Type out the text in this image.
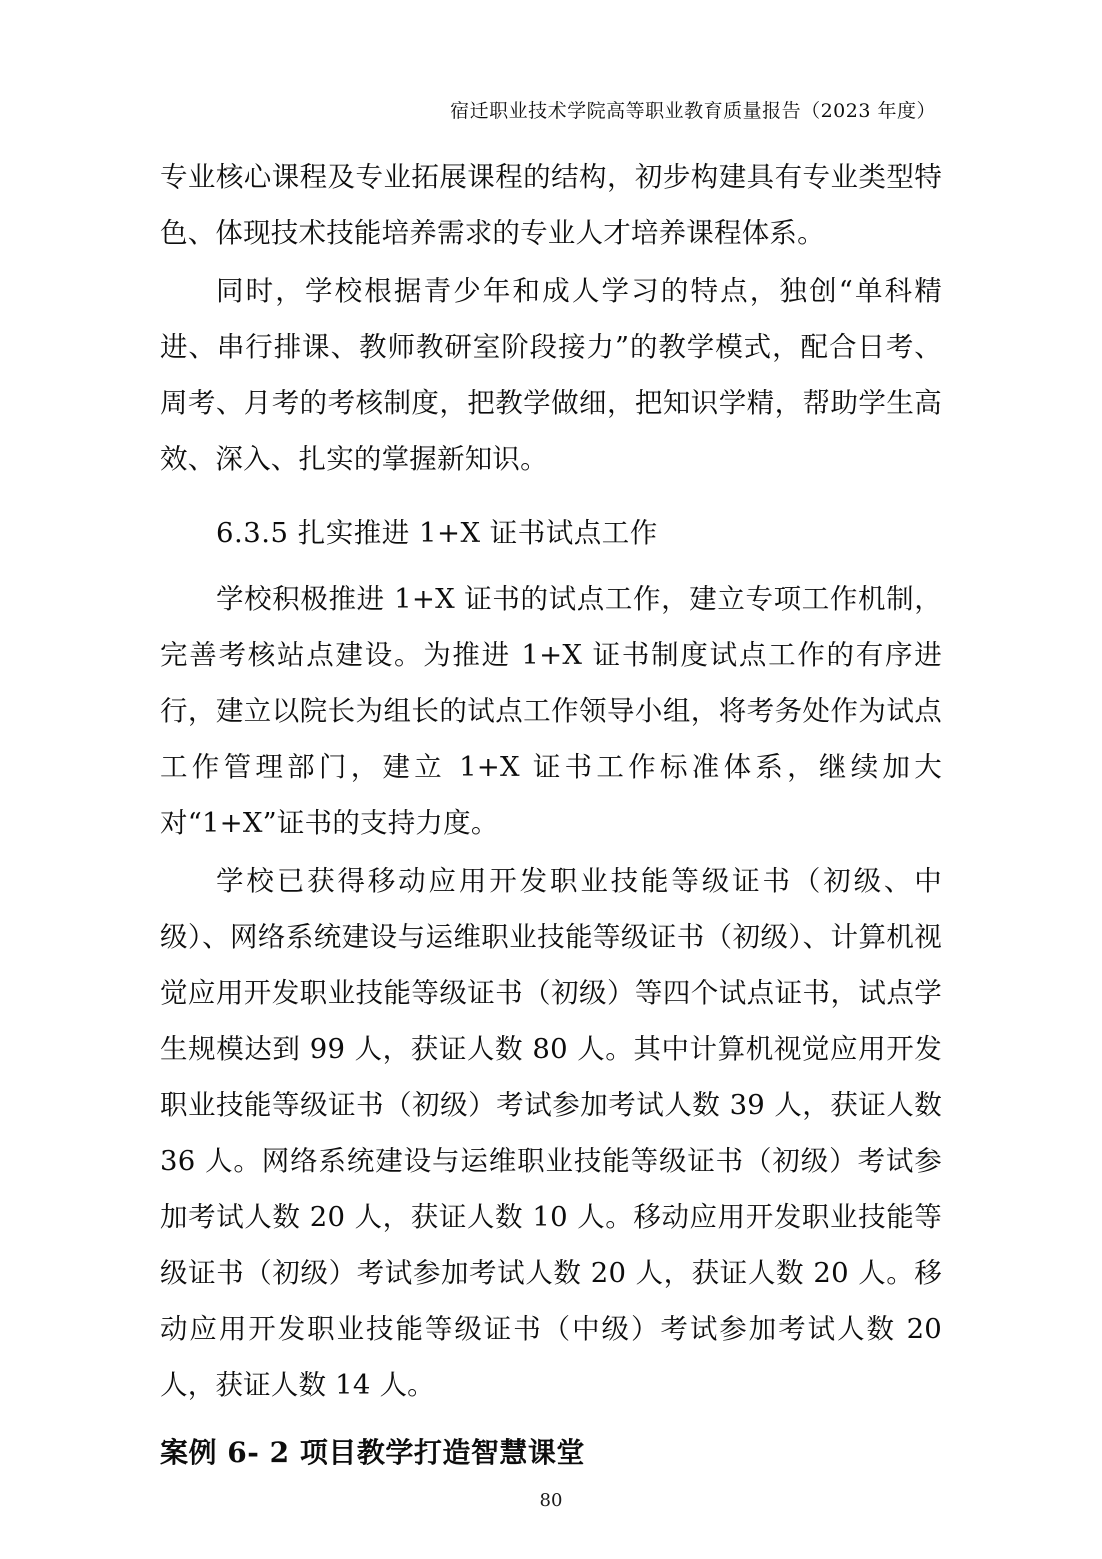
宿迁职业技术学院高等职业教育质量报告（2023 年度）

专业核心课程及专业拓展课程的结构，初步构建具有专业类型特色、体现技术技能培养需求的专业人才培养课程体系。

同时，学校根据青少年和成人学习的特点，独创“单科精进、串行排课、教师教研室阶段接力”的教学模式，配合日考、周考、月考的考核制度，把教学做细，把知识学精，帮助学生高效、深入、扎实的掌握新知识。

6.3.5 扎实推进 1+X 证书试点工作

学校积极推进 1+X 证书的试点工作，建立专项工作机制，完善考核站点建设。为推进 1+X 证书制度试点工作的有序进行，建立以院长为组长的试点工作领导小组，将考务处作为试点工作管理部门，建立 1+X 证书工作标准体系，继续加大对“1+X”证书的支持力度。

学校已获得移动应用开发职业技能等级证书（初级、中级）、网络系统建设与运维职业技能等级证书（初级）、计算机视觉应用开发职业技能等级证书（初级）等四个试点证书，试点学生规模达到 99 人，获证人数 80 人。其中计算机视觉应用开发职业技能等级证书（初级）考试参加考试人数 39 人，获证人数 36 人。网络系统建设与运维职业技能等级证书（初级）考试参加考试人数 20 人，获证人数 10 人。移动应用开发职业技能等级证书（初级）考试参加考试人数 20 人，获证人数 20 人。移动应用开发职业技能等级证书（中级）考试参加考试人数 20 人，获证人数 14 人。

案例 6- 2 项目教学打造智慧课堂
80
